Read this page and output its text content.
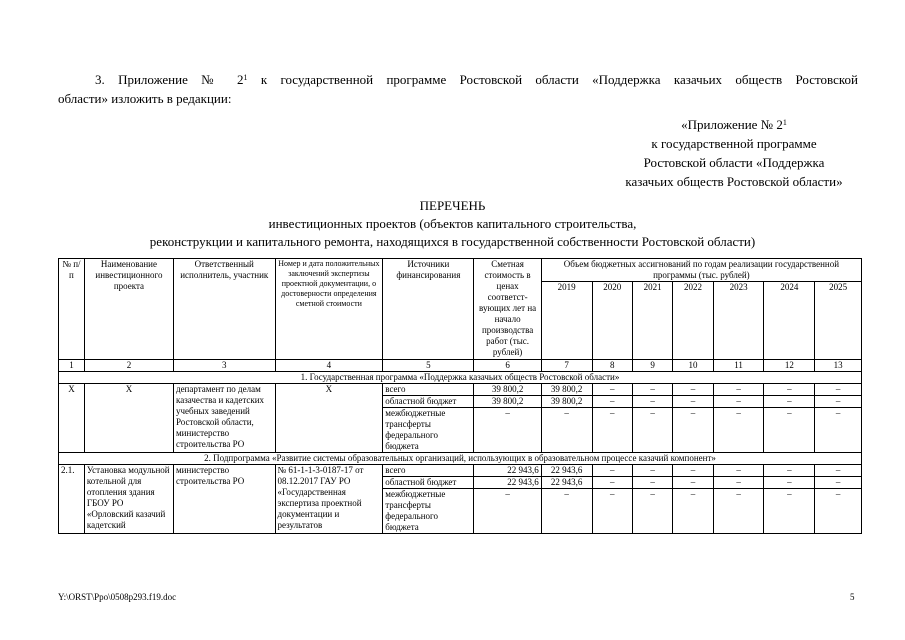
3. Приложение № $2^1$ к государственной программе Ростовской области «Поддержка казачьих обществ Ростовской
области» изложить в редакции:
«Приложение № $2^1$
к государственной программе
Ростовской области «Поддержка
казачьих обществ Ростовской области»
ПЕРЕЧЕНЬ
инвестиционных проектов (объектов капитального строительства,
реконструкции и капитального ремонта, находящихся в государственной собственности Ростовской области)
№ п/п	Наименование инвестиционного проекта	Ответственный исполнитель, участник	Номер и дата положительных заключений экспертизы проектной документации, о достоверности определения сметной стоимости	Источники финансирования	Сметная стоимость в ценах соответст-вующих лет на начало производства работ (тыс. рублей)	Объем бюджетных ассигнований по годам реализации государственной программы (тыс. рублей)						
						2019	2020	2021	2022	2023	2024	2025
1	2	3	4	5	6	7	8	9	10	11	12	13
1. Государственная программа «Поддержка казачьих обществ Ростовской области»												
X	X	департамент по делам казачества и кадетских учебных заведений Ростовской области, министерство строительства РО	X	всего	39 800,2	39 800,2	–	–	–	–	–	–
				областной бюджет	39 800,2	39 800,2	–	–	–	–	–	–
				межбюджетные трансферты федерального бюджета	–	–	–	–	–	–	–	–
2. Подпрограмма «Развитие системы образовательных организаций, использующих в образовательном процессе казачий компонент»												
2.1.	Установка модульной котельной для отопления здания ГБОУ РО «Орловский казачий кадетский	министерство строительства РО	№ 61-1-1-3-0187-17 от 08.12.2017 ГАУ РО «Государственная экспертиза проектной документации и результатов	всего	22 943,6	22 943,6	–	–	–	–	–	–
				областной бюджет	22 943,6	22 943,6	–	–	–	–	–	–
				межбюджетные трансферты федерального бюджета	–	–	–	–	–	–	–	–
Y:\ORST\Ppo\0508p293.f19.doc	5
